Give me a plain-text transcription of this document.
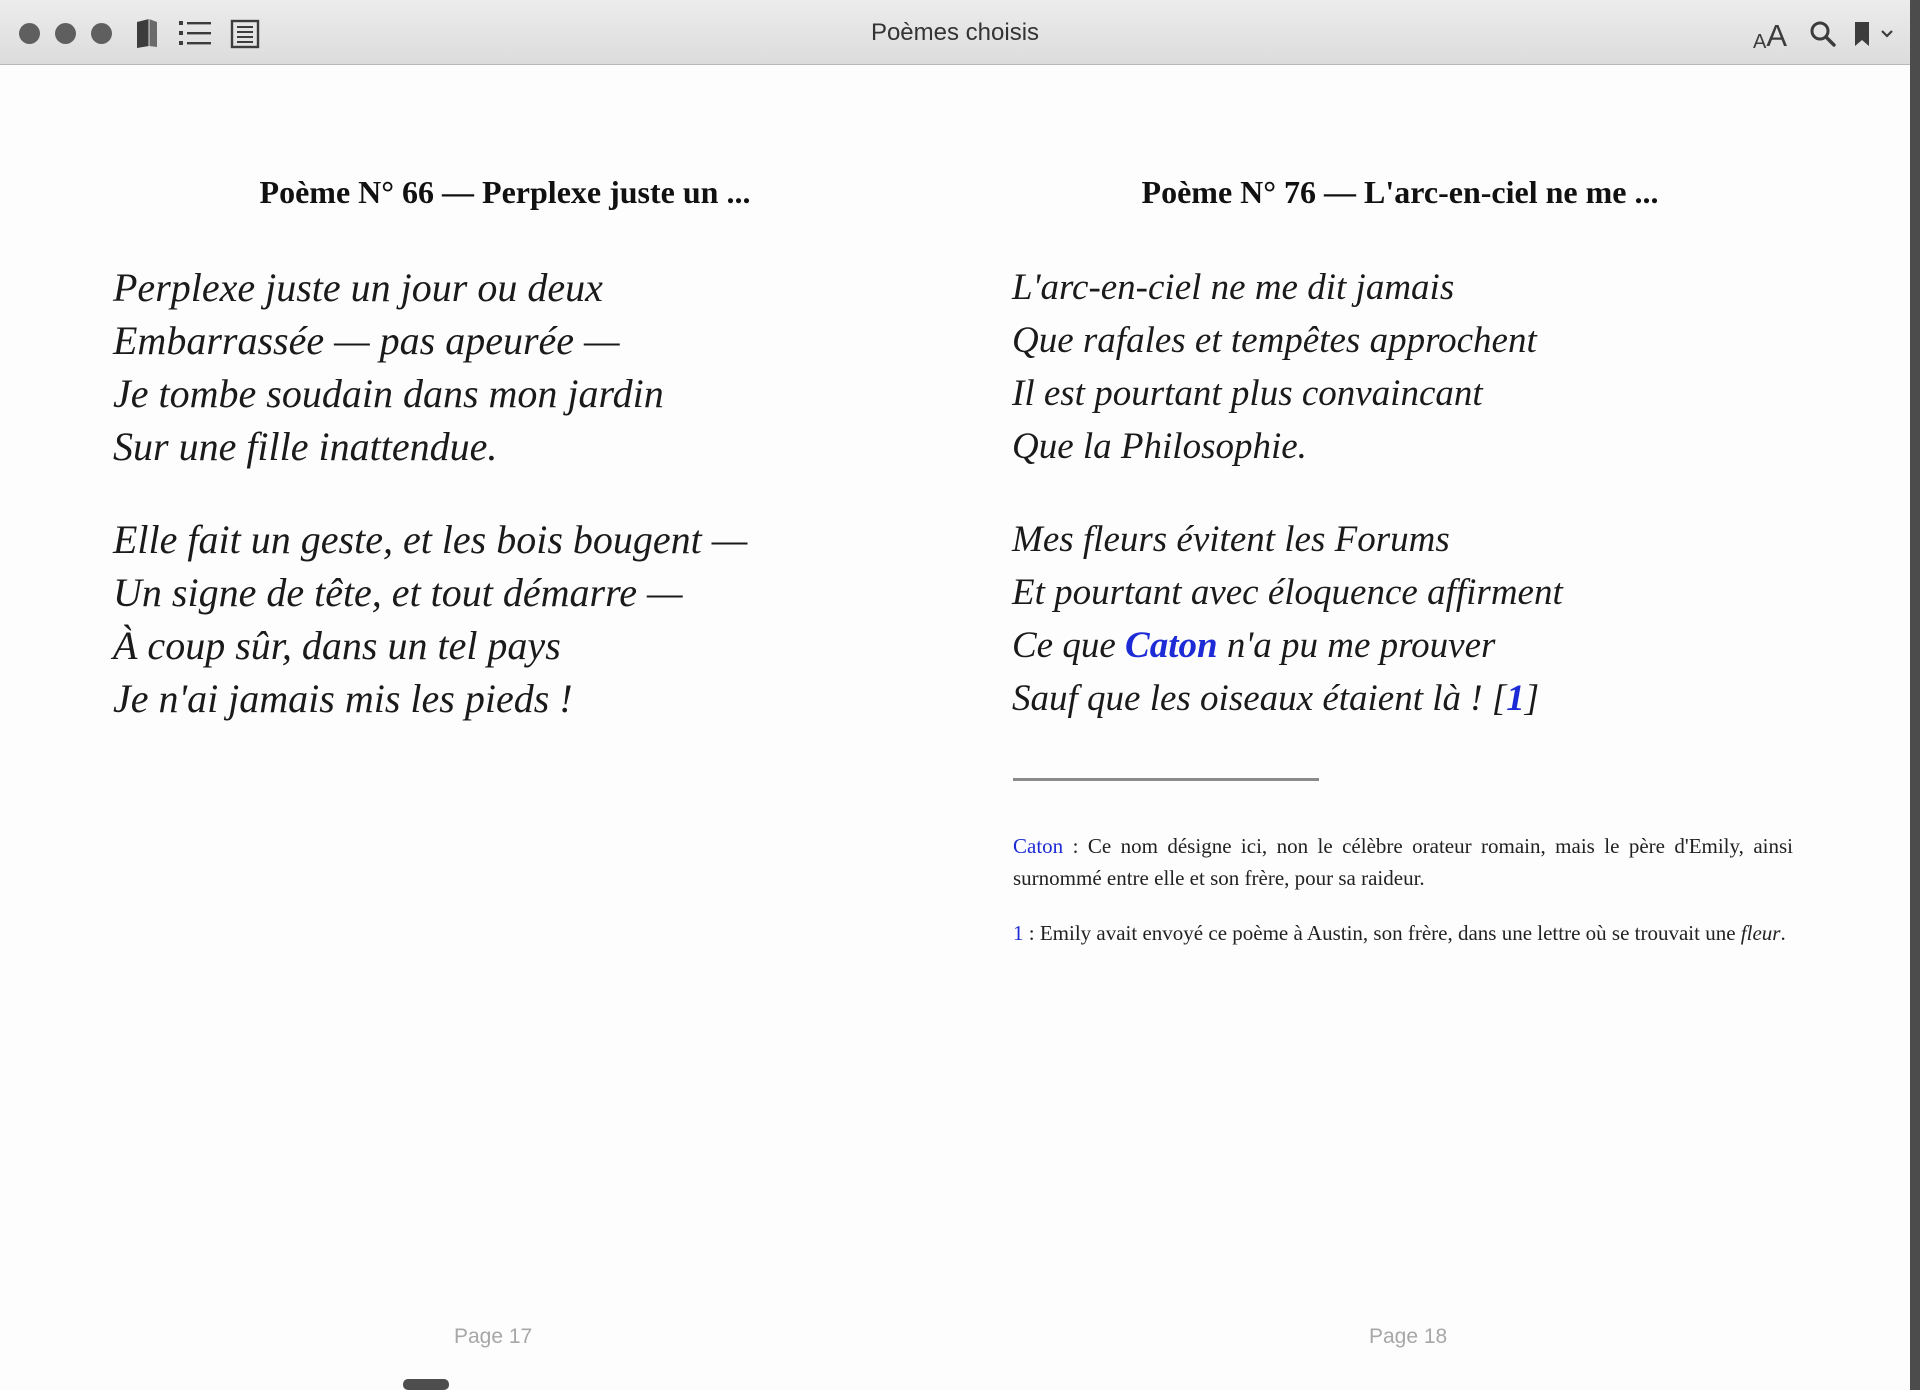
Poèmes choisis	A A
Poème N° 66 — Perplexe juste un ...
Perplexe juste un jour ou deux
Embarrassée — pas apeurée —
Je tombe soudain dans mon jardin
Sur une fille inattendue.
Elle fait un geste, et les bois bougent —
Un signe de tête, et tout démarre —
À coup sûr, dans un tel pays
Je n'ai jamais mis les pieds !
Page 17
Poème N° 76 — L'arc-en-ciel ne me ...
L'arc-en-ciel ne me dit jamais
Que rafales et tempêtes approchent
Il est pourtant plus convaincant
Que la Philosophie.
Mes fleurs évitent les Forums
Et pourtant avec éloquence affirment
Ce que Caton n'a pu me prouver
Sauf que les oiseaux étaient là ! [1]
Caton : Ce nom désigne ici, non le célèbre orateur romain, mais le père d'Emily, ainsi surnommé entre elle et son frère, pour sa raideur.
1 : Emily avait envoyé ce poème à Austin, son frère, dans une lettre où se trouvait une fleur.
Page 18
